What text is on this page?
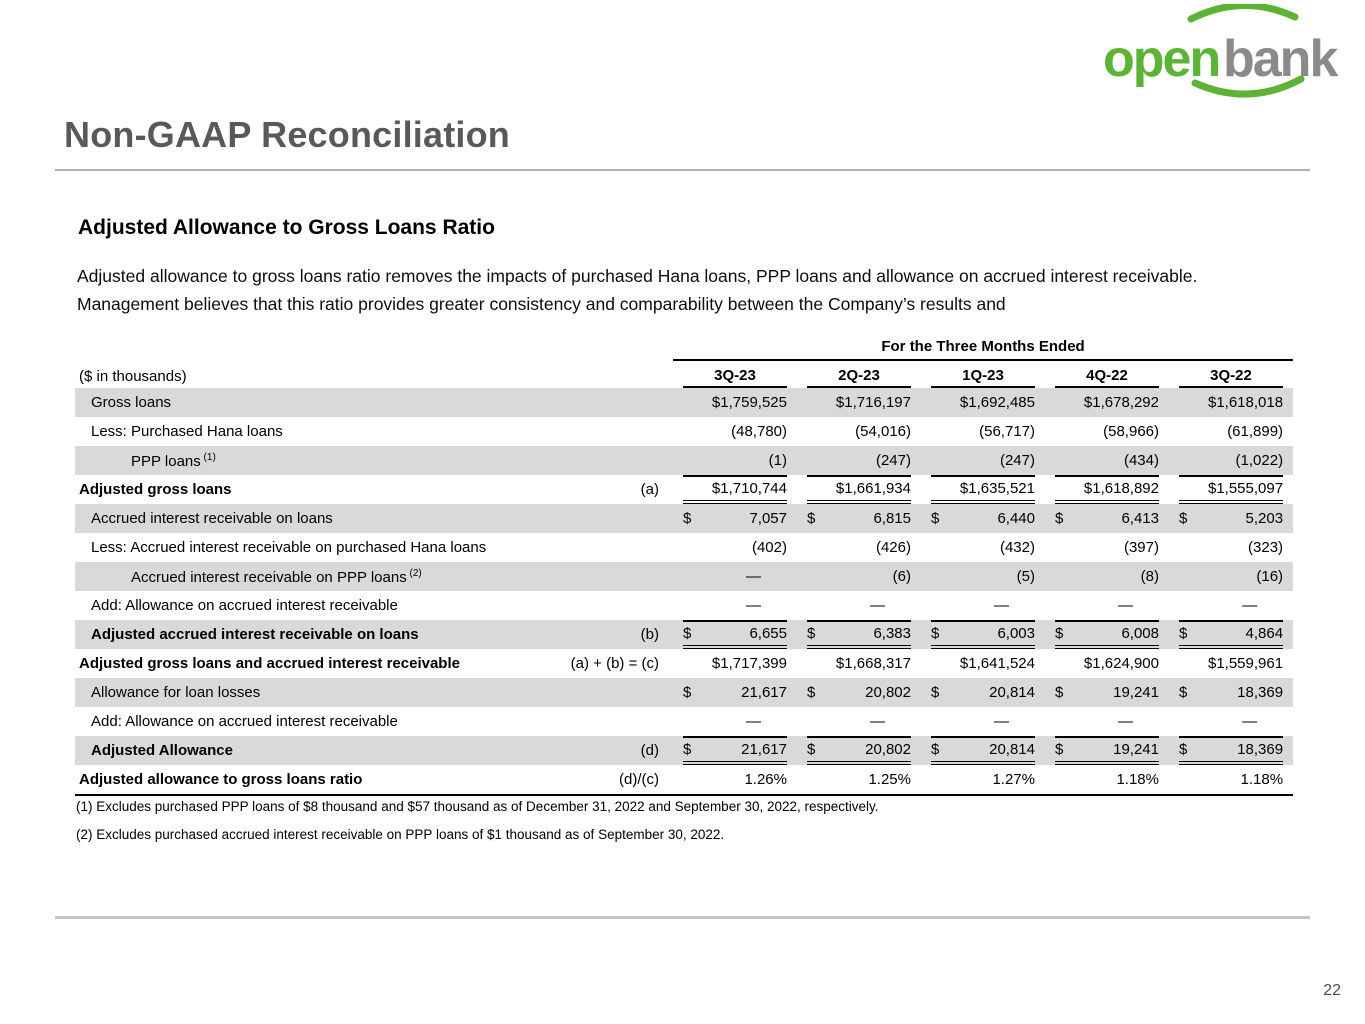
open bank
Non-GAAP Reconciliation
Adjusted Allowance to Gross Loans Ratio
Adjusted allowance to gross loans ratio removes the impacts of purchased Hana loans, PPP loans and allowance on accrued interest receivable. Management believes that this ratio provides greater consistency and comparability between the Company’s results and
		For the Three Months Ended				
($ in thousands)		3Q-23	2Q-23	1Q-23	4Q-22	3Q-22

Gross loans		$1,759,525	$1,716,197	$1,692,485	$1,678,292	$1,618,018

Less: Purchased Hana loans		(48,780)	(54,016)	(56,717)	(58,966)	(61,899)

PPP loans $^{(1)}$		(1)	(247)	(247)	(434)	(1,022)

Adjusted gross loans	(a)	$1,710,744	$1,661,934	$1,635,521	$1,618,892	$1,555,097

Accrued interest receivable on loans		$ 7,057	$ 6,815	$ 6,440	$ 6,413	$ 5,203

Less: Accrued interest receivable on purchased Hana loans		(402)	(426)	(432)	(397)	(323)

Accrued interest receivable on PPP loans $^{(2)}$		—	(6)	(5)	(8)	(16)

Add: Allowance on accrued interest receivable		—	—	—	—	—

Adjusted accrued interest receivable on loans	(b)	$ 6,655	$ 6,383	$ 6,003	$ 6,008	$ 4,864

Adjusted gross loans and accrued interest receivable	(a) + (b) = (c)	$1,717,399	$1,668,317	$1,641,524	$1,624,900	$1,559,961

Allowance for loan losses		$ 21,617	$ 20,802	$ 20,814	$ 19,241	$ 18,369

Add: Allowance on accrued interest receivable		—	—	—	—	—

Adjusted Allowance	(d)	$ 21,617	$ 20,802	$ 20,814	$ 19,241	$ 18,369

Adjusted allowance to gross loans ratio	(d)/(c)	1.26%	1.25%	1.27%	1.18%	1.18%

(1) Excludes purchased PPP loans of $8 thousand and $57 thousand as of December 31, 2022 and September 30, 2022, respectively.

(2) Excludes purchased accrued interest receivable on PPP loans of $1 thousand as of September 30, 2022.

22
